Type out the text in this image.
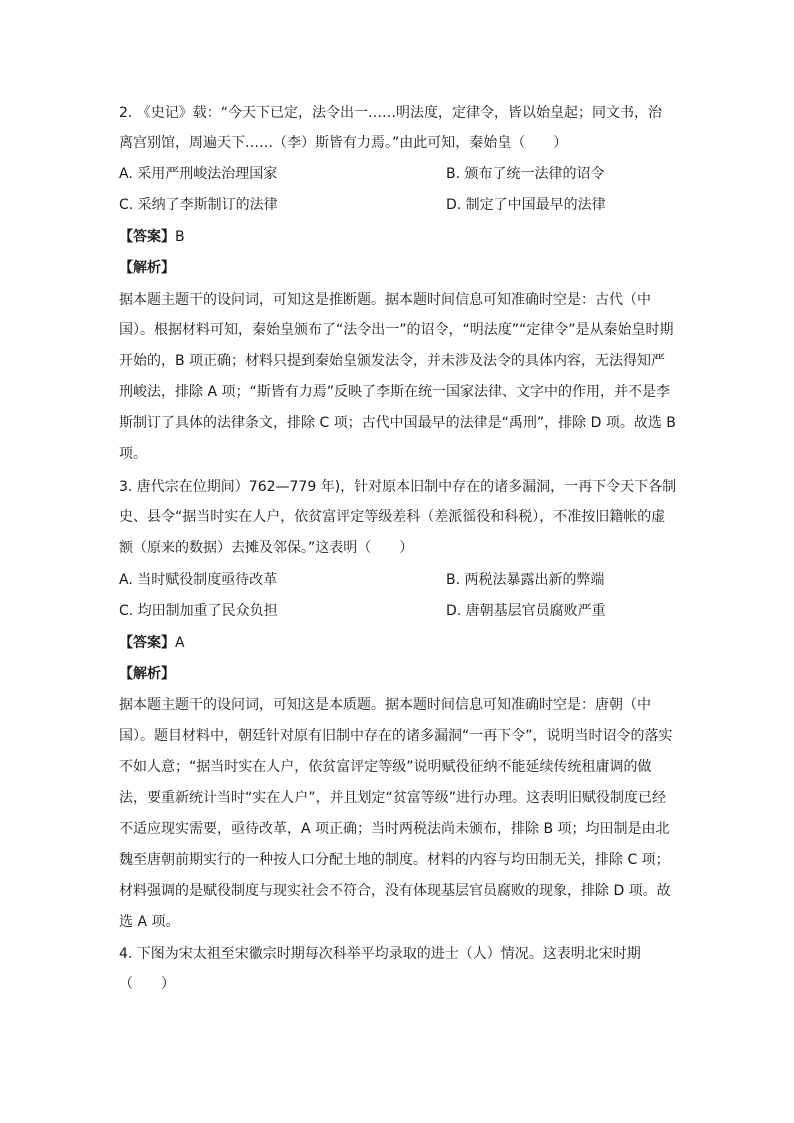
2. 《史记》载：“今天下已定，法令出一……明法度，定律令，皆以始皇起；同文书，治
离宫别馆，周遍天下……（李）斯皆有力焉。”由此可知，秦始皇（　　）
A. 采用严刑峻法治理国家	B. 颁布了统一法律的诏令
C. 采纳了李斯制订的法律	D. 制定了中国最早的法律
【答案】B
【解析】
据本题主题干的设问词，可知这是推断题。据本题时间信息可知准确时空是：古代（中
国）。根据材料可知，秦始皇颁布了“法令出一”的诏令，“明法度”“定律令”是从秦始皇时期
开始的，B 项正确；材料只提到秦始皇颁发法令，并未涉及法令的具体内容，无法得知严
刑峻法，排除 A 项；“斯皆有力焉”反映了李斯在统一国家法律、文字中的作用，并不是李
斯制订了具体的法律条文，排除 C 项；古代中国最早的法律是“禹刑”，排除 D 项。故选 B
项。
3. 唐代宗在位期间）762—779 年)，针对原本旧制中存在的诸多漏洞，一再下令天下各制
史、县令“据当时实在人户，依贫富评定等级差科（差派徭役和科税），不准按旧籍帐的虚
额（原来的数据）去摊及邻保。”这表明（　　）
A. 当时赋役制度亟待改革	B. 两税法暴露出新的弊端
C. 均田制加重了民众负担	D. 唐朝基层官员腐败严重
【答案】A
【解析】
据本题主题干的设问词，可知这是本质题。据本题时间信息可知准确时空是：唐朝（中
国）。题目材料中，朝廷针对原有旧制中存在的诸多漏洞“一再下令”，说明当时诏令的落实
不如人意；“据当时实在人户，依贫富评定等级”说明赋役征纳不能延续传统租庸调的做
法，要重新统计当时“实在人户”，并且划定“贫富等级”进行办理。这表明旧赋役制度已经
不适应现实需要，亟待改革，A 项正确；当时两税法尚未颁布，排除 B 项；均田制是由北
魏至唐朝前期实行的一种按人口分配土地的制度。材料的内容与均田制无关，排除 C 项；
材料强调的是赋役制度与现实社会不符合，没有体现基层官员腐败的现象，排除 D 项。故
选 A 项。
4. 下图为宋太祖至宋徽宗时期每次科举平均录取的进士（人）情况。这表明北宋时期
（　　）
